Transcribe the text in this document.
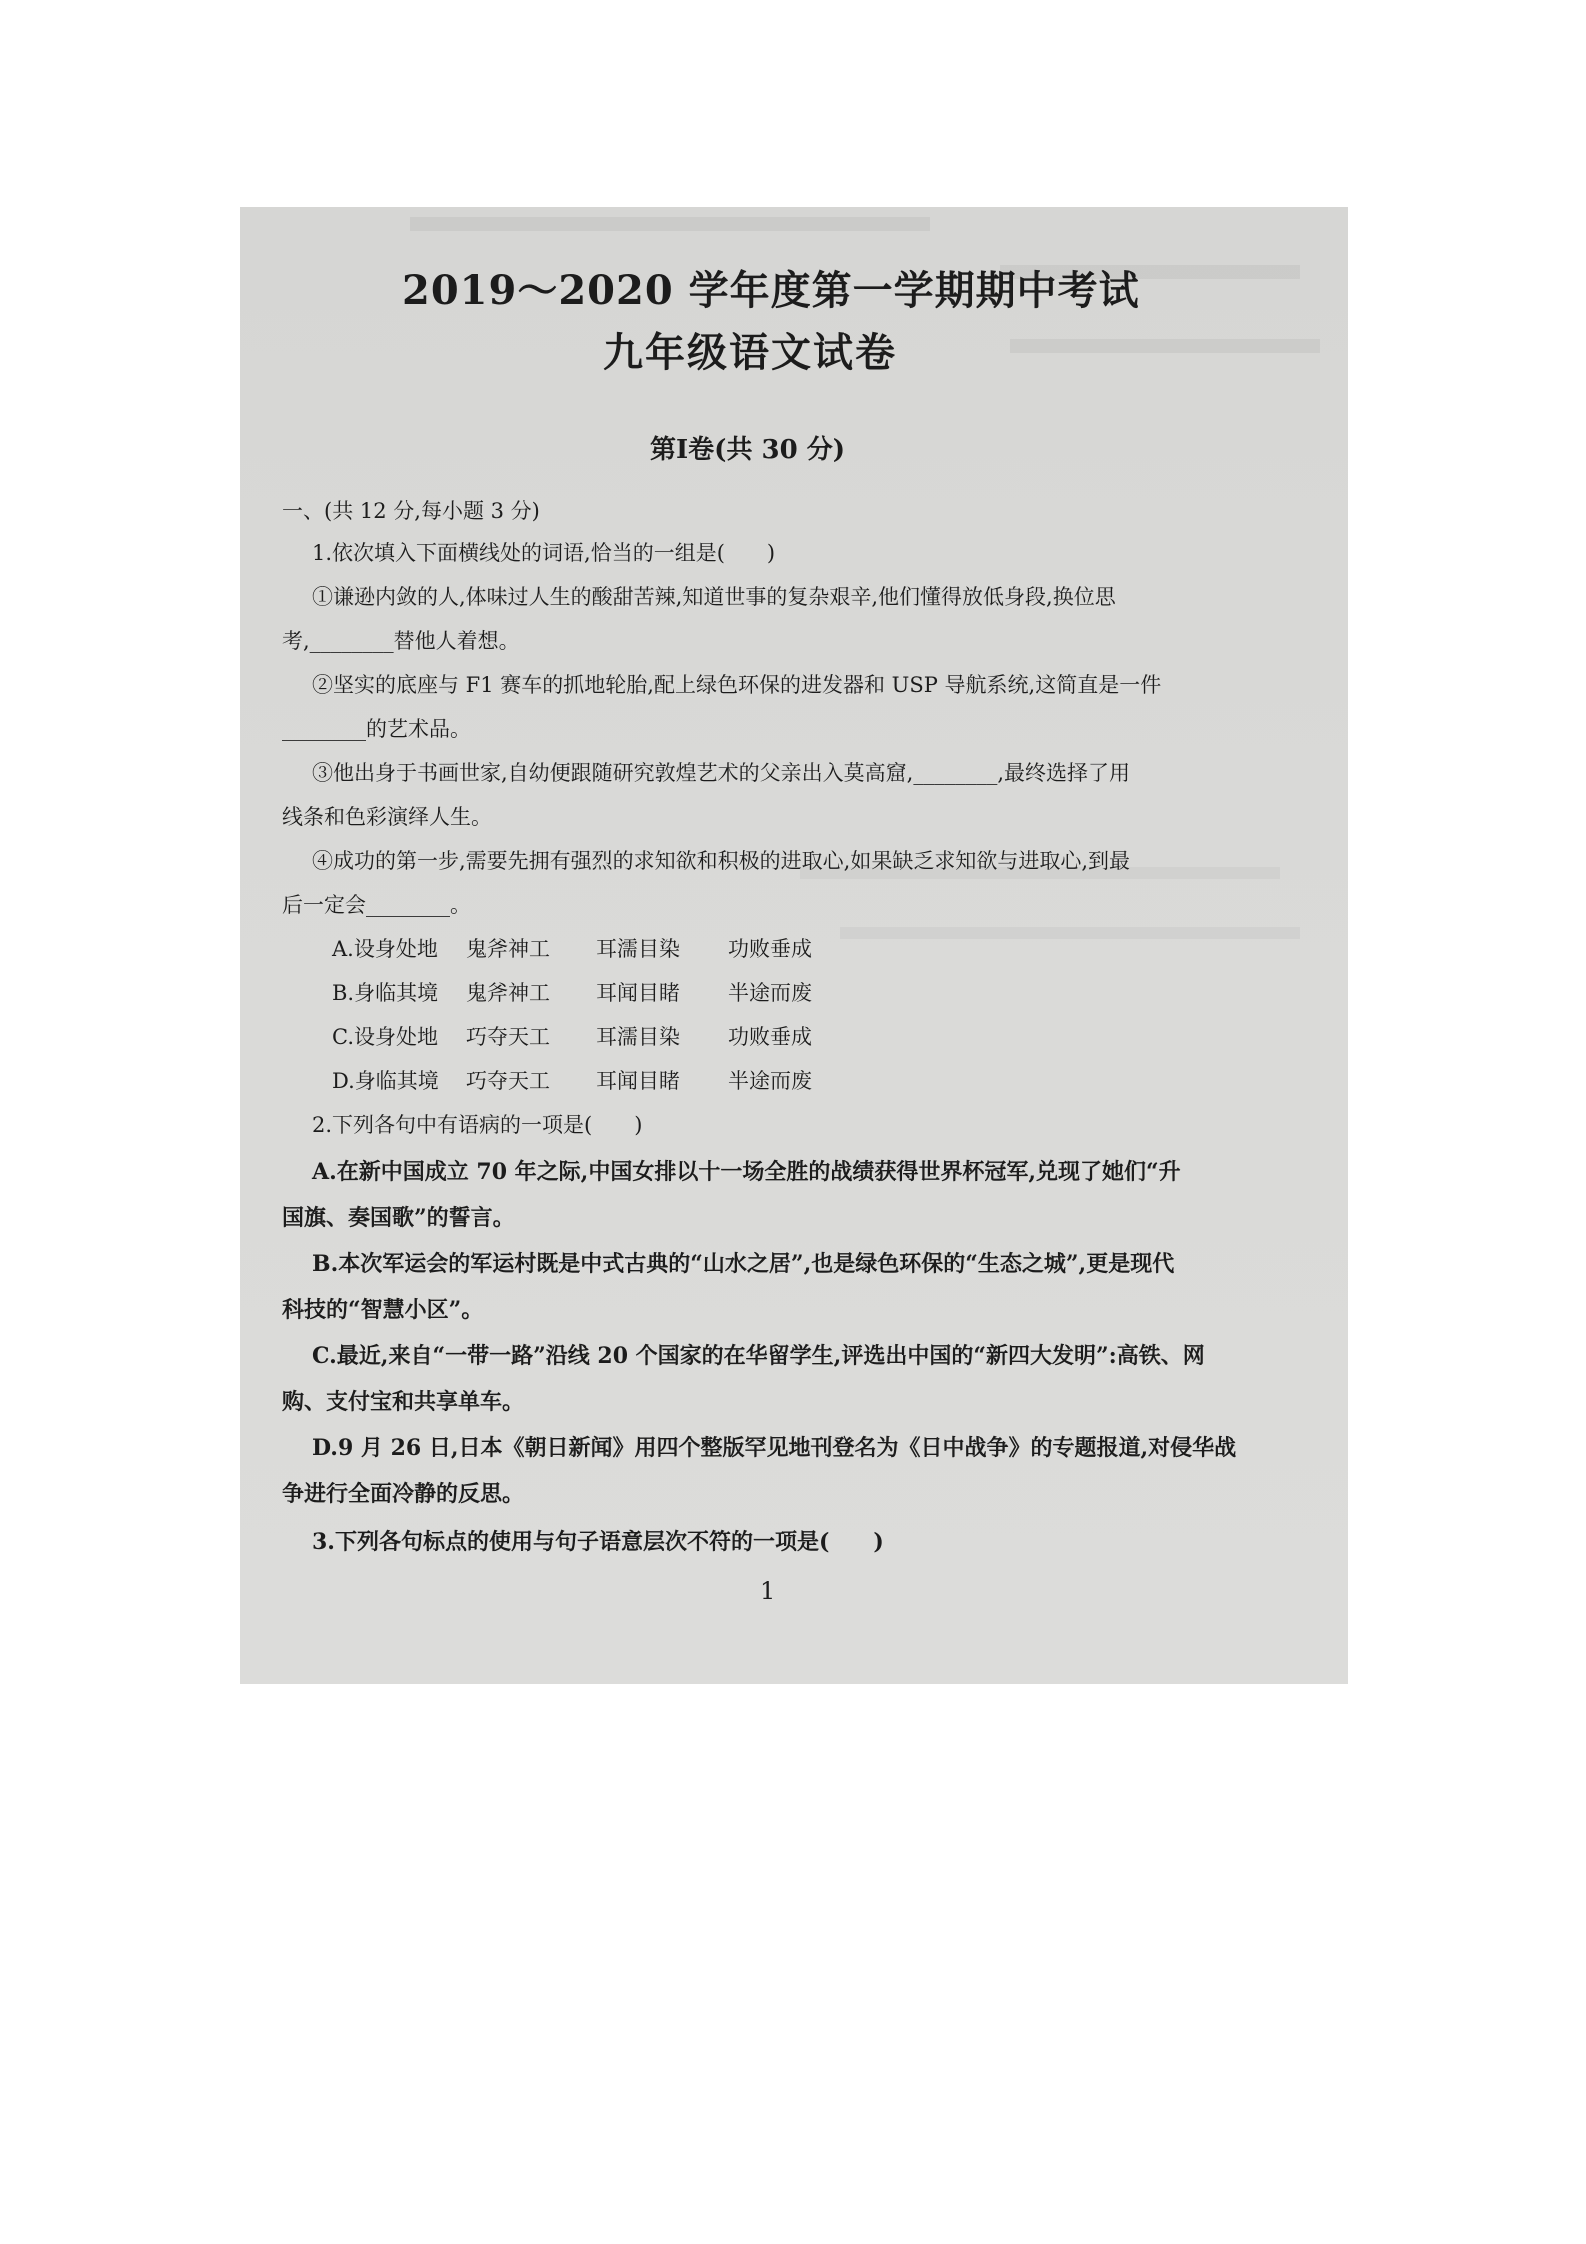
2019～2020 学年度第一学期期中考试
九年级语文试卷
第Ⅰ卷(共 30 分)
一、(共 12 分,每小题 3 分)
1.依次填入下面横线处的词语,恰当的一组是(　　)
①谦逊内敛的人,体味过人生的酸甜苦辣,知道世事的复杂艰辛,他们懂得放低身段,换位思
考,________替他人着想。
②坚实的底座与 F1 赛车的抓地轮胎,配上绿色环保的进发器和 USP 导航系统,这简直是一件
________的艺术品。
③他出身于书画世家,自幼便跟随研究敦煌艺术的父亲出入莫高窟,________,最终选择了用
线条和色彩演绎人生。
④成功的第一步,需要先拥有强烈的求知欲和积极的进取心,如果缺乏求知欲与进取心,到最
后一定会________。
A.设身处地 鬼斧神工 耳濡目染 功败垂成
B.身临其境 鬼斧神工 耳闻目睹 半途而废
C.设身处地 巧夺天工 耳濡目染 功败垂成
D.身临其境 巧夺天工 耳闻目睹 半途而废
2.下列各句中有语病的一项是(　　)
A.在新中国成立 70 年之际,中国女排以十一场全胜的战绩获得世界杯冠军,兑现了她们“升
国旗、奏国歌”的誓言。
B.本次军运会的军运村既是中式古典的“山水之居”,也是绿色环保的“生态之城”,更是现代
科技的“智慧小区”。
C.最近,来自“一带一路”沿线 20 个国家的在华留学生,评选出中国的“新四大发明”:高铁、网
购、支付宝和共享单车。
D.9 月 26 日,日本《朝日新闻》用四个整版罕见地刊登名为《日中战争》的专题报道,对侵华战
争进行全面冷静的反思。
3.下列各句标点的使用与句子语意层次不符的一项是(　　)
1
